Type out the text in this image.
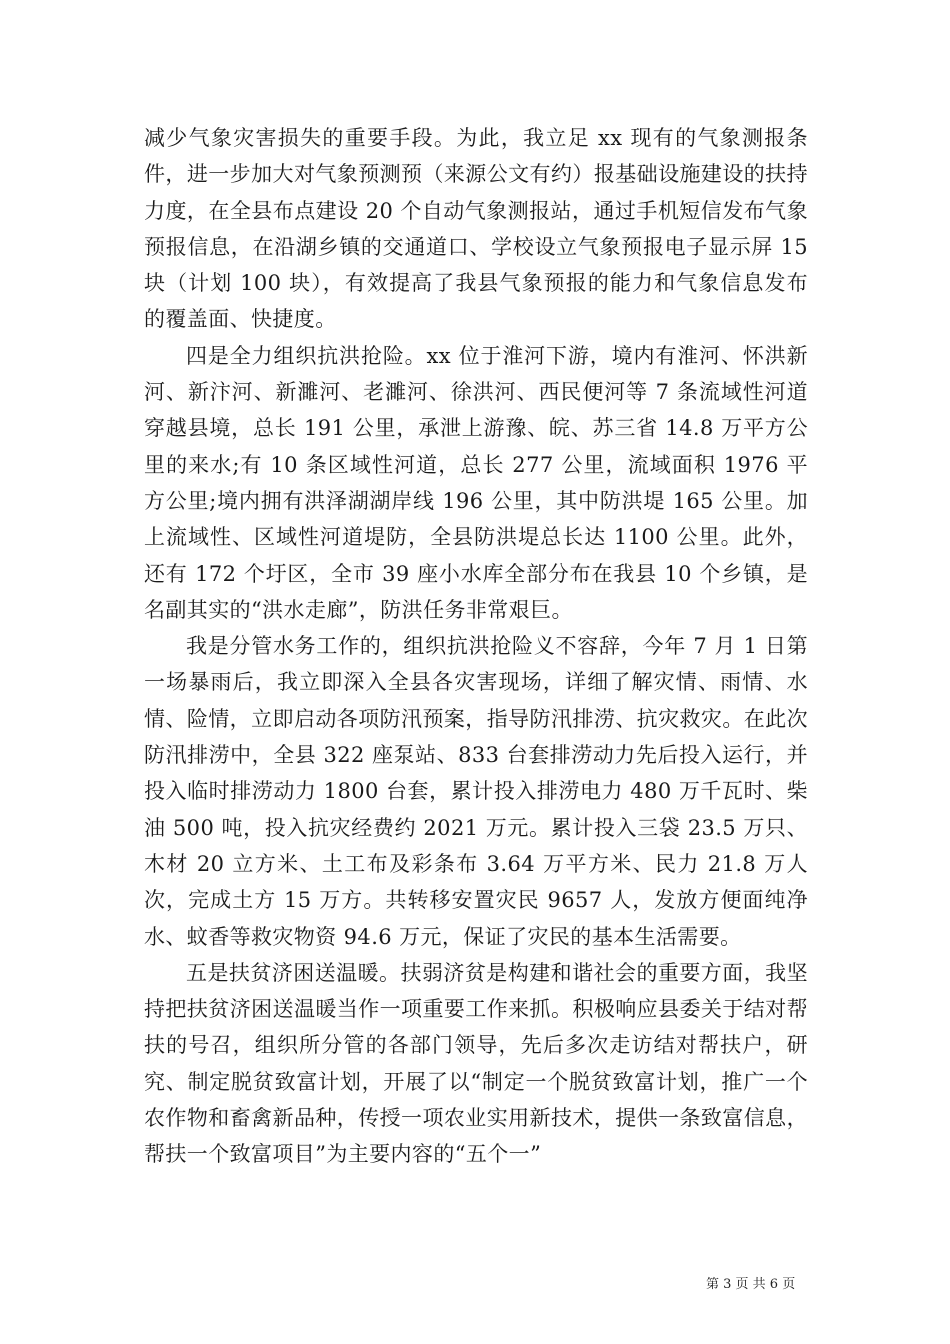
减少气象灾害损失的重要手段。为此，我立足 xx 现有的气象测报条件，进一步加大对气象预测预（来源公文有约）报基础设施建设的扶持力度，在全县布点建设 20 个自动气象测报站，通过手机短信发布气象预报信息，在沿湖乡镇的交通道口、学校设立气象预报电子显示屏 15 块（计划 100 块），有效提高了我县气象预报的能力和气象信息发布的覆盖面、快捷度。

四是全力组织抗洪抢险。xx 位于淮河下游，境内有淮河、怀洪新河、新汴河、新濉河、老濉河、徐洪河、西民便河等 7 条流域性河道穿越县境，总长 191 公里，承泄上游豫、皖、苏三省 14.8 万平方公里的来水;有 10 条区域性河道，总长 277 公里，流域面积 1976 平方公里;境内拥有洪泽湖湖岸线 196 公里，其中防洪堤 165 公里。加上流域性、区域性河道堤防，全县防洪堤总长达 1100 公里。此外，还有 172 个圩区，全市 39 座小水库全部分布在我县 10 个乡镇，是名副其实的“洪水走廊”，防洪任务非常艰巨。

我是分管水务工作的，组织抗洪抢险义不容辞，今年 7 月 1 日第一场暴雨后，我立即深入全县各灾害现场，详细了解灾情、雨情、水情、险情，立即启动各项防汛预案，指导防汛排涝、抗灾救灾。在此次防汛排涝中，全县 322 座泵站、833 台套排涝动力先后投入运行，并投入临时排涝动力 1800 台套，累计投入排涝电力 480 万千瓦时、柴油 500 吨，投入抗灾经费约 2021 万元。累计投入三袋 23.5 万只、木材 20 立方米、土工布及彩条布 3.64 万平方米、民力 21.8 万人次，完成土方 15 万方。共转移安置灾民 9657 人，发放方便面纯净水、蚊香等救灾物资 94.6 万元，保证了灾民的基本生活需要。

五是扶贫济困送温暖。扶弱济贫是构建和谐社会的重要方面，我坚持把扶贫济困送温暖当作一项重要工作来抓。积极响应县委关于结对帮扶的号召，组织所分管的各部门领导，先后多次走访结对帮扶户，研究、制定脱贫致富计划，开展了以“制定一个脱贫致富计划，推广一个农作物和畜禽新品种，传授一项农业实用新技术，提供一条致富信息，帮扶一个致富项目”为主要内容的“五个一”

第 3 页 共 6 页
